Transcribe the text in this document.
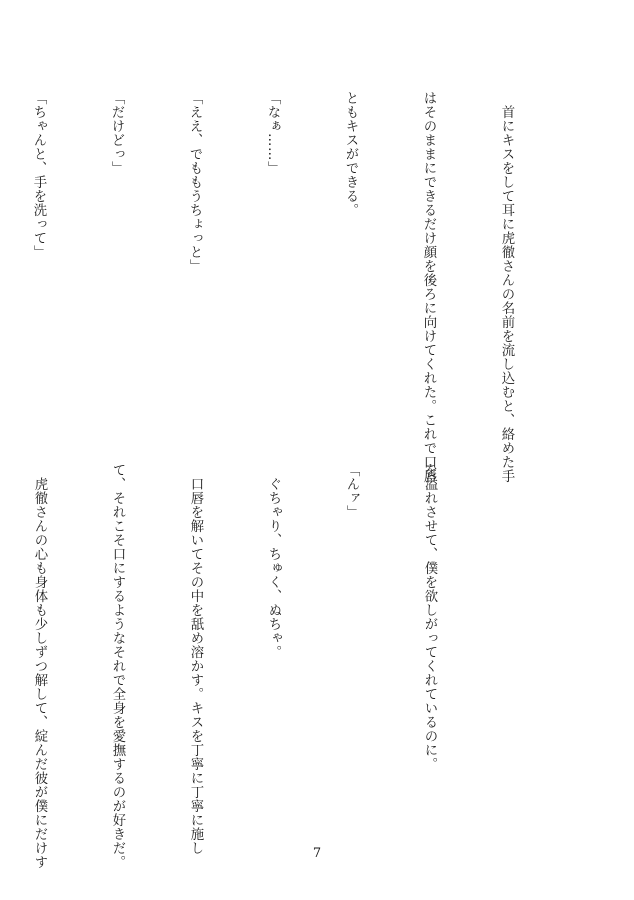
　首にキスをして耳に虎徹さんの名前を流し込むと、絡めた手

はそのままにできるだけ顔を後ろに向けてくれた。これで口唇

ともキスができる。

「なぁ……」

「ええ、でももうちょっと」

「だけどっ」

「ちゃんと、手を洗って」

を溢れさせて、僕を欲しがってくれているのに。

「んァ」

　ぐちゃり、ちゅく、ぬちゃ。

　口唇を解いてその中を舐め溶かす。キスを丁寧に丁寧に施し

て、それこそ口にするようなそれで全身を愛撫するのが好きだ。

　虎徹さんの心も身体も少しずつ解して、綻んだ彼が僕にだけす

	7
